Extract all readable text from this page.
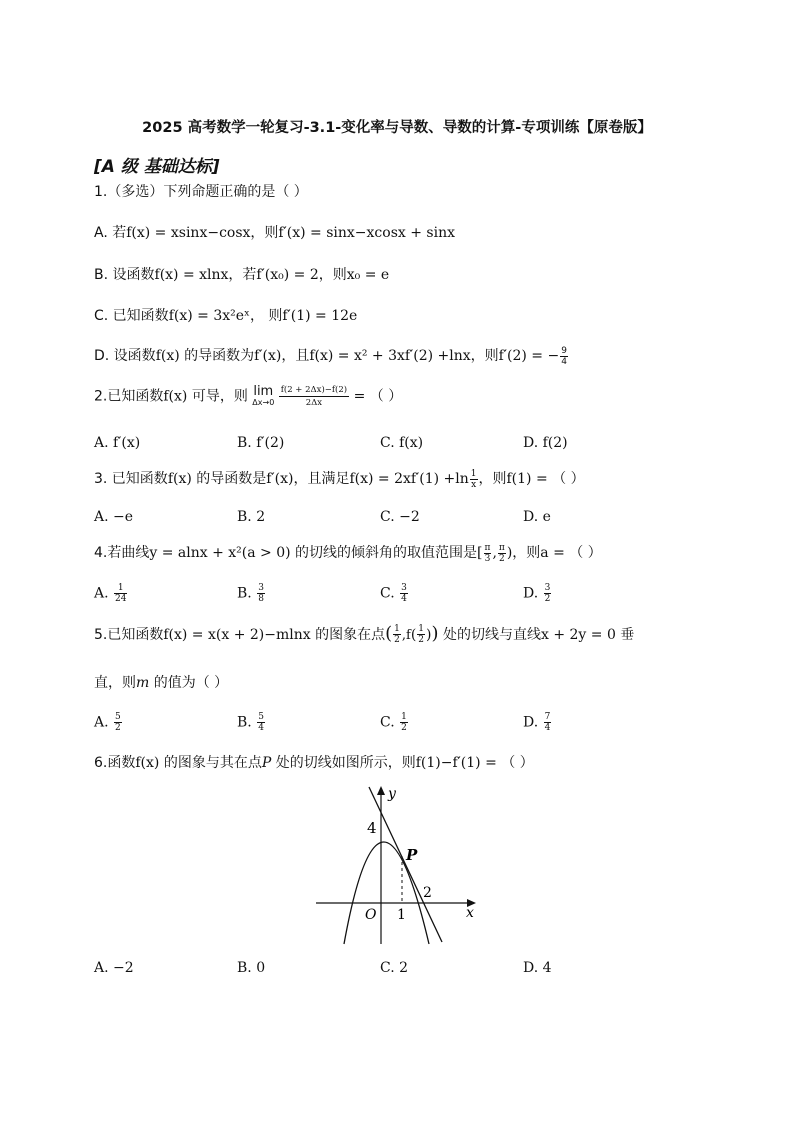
2025 高考数学一轮复习-3.1-变化率与导数、导数的计算-专项训练【原卷版】
[A 级 基础达标]
1.（多选）下列命题正确的是（ ）
A. 若f(x) = xsinx−cosx，则f′(x) = sinx−xcosx + sinx
B. 设函数f(x) = xlnx，若f′(x₀) = 2，则x₀ = e
C. 已知函数f(x) = 3x²eˣ， 则f′(1) = 12e
D. 设函数f(x) 的导函数为f′(x)，且f(x) = x² + 3xf′(2) +lnx，则f′(2) = − $\frac{9}{4}$
2.已知函数f(x) 可导，则 lim
Δx→0
$\frac{f(2 + 2\Delta x)-f(2)}{2\Delta x}$ = （ ）
A. f′(x)	B. f′(2)	C. f(x)	D. f(2)
3. 已知函数f(x) 的导函数是f′(x)，且满足$f(x) = 2xf'(1) +\ln \frac{1}{x}$ ，则f(1) = （ ）
A. −e	B. 2	C. −2	D. e
4.若曲线y = alnx + x²(a > 0) 的切线的倾斜角的取值范围是[ $\frac{\pi}{3}$ , $\frac{\pi}{2}$ )，则a = （ ）
A. $\frac{1}{24}$	B. $\frac{3}{8}$	C. $\frac{3}{4}$	D. $\frac{3}{2}$
5.已知函数f(x) = x(x + 2)−mlnx 的图象在点( $\frac{1}{2} ,f( \frac{1}{2}$ )) 处的切线与直线x + 2y = 0 垂
直，则m 的值为（ ）
A. $\frac{5}{2}$	B. $\frac{5}{4}$	C. $\frac{1}{2}$	D. $\frac{7}{4}$
6.函数f(x) 的图象与其在点P 处的切线如图所示，则f(1)−f′(1) = （ ）
y
x
O
P
4
1
2
A. −2	B. 0	C. 2	D. 4
